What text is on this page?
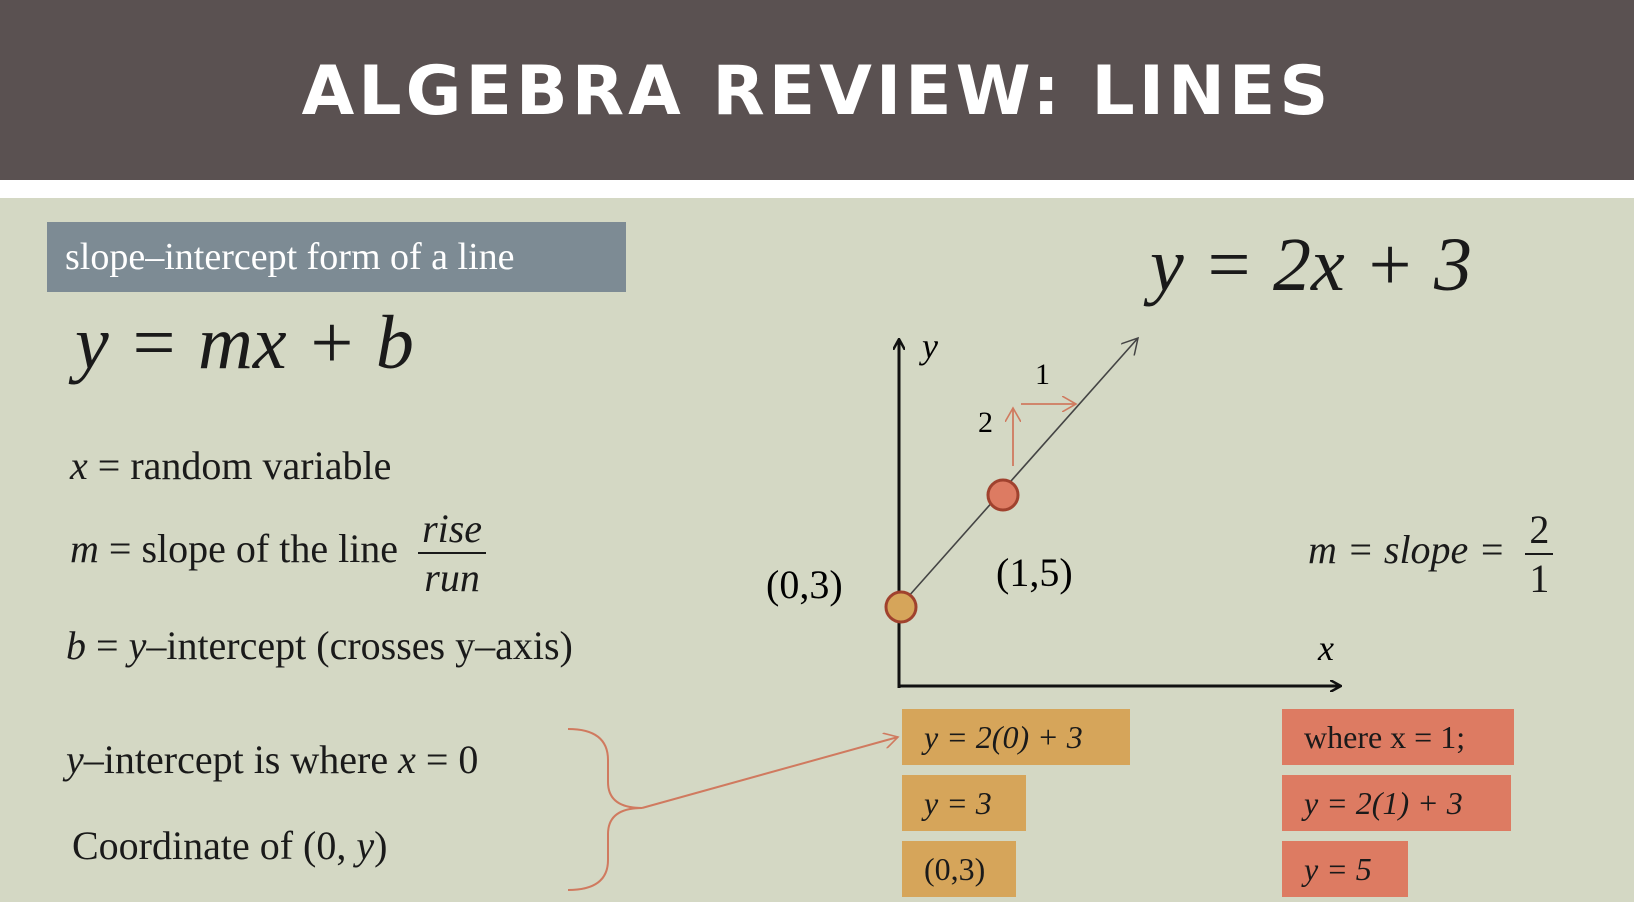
ALGEBRA REVIEW: LINES
slope–intercept form of a line
y = mx + b
x = random variable
m = slope of the line $\frac{\text{rise}}{\text{run}}$
b = y–intercept (crosses y–axis)
y–intercept is where x = 0
Coordinate of (0, y)
y = 2x + 3
m = slope = $\frac{2}{1}$
y
x
2
1
(0,3)	(1,5)
y = 2(0) + 3
y = 3
(0,3)
where x = 1;
y = 2(1) + 3
y = 5
